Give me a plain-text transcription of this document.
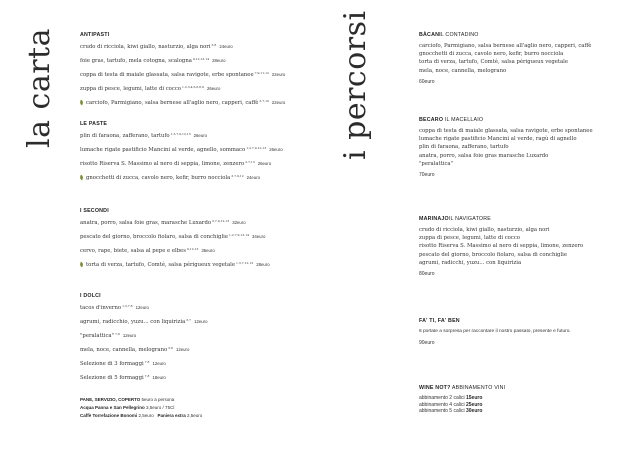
la carta	i percorsi
ANTIPASTI
crudo di ricciola, kiwi giallo, nasturzio, alga nori$^{3,8}$ 24euro
foie gras, tartufo, mela cotogna, scalogna$^{9,12,13,14}$ 28euro
coppa di testa di maiale glassata, salsa ravigote, erbe spontanee$^{7,9,11,12}$ 22euro
zuppa di pesce, legumi, latte di cocco$^{1,2,3,4,5,6,8,9}$ 26euro
carciofo, Parmigiano, salsa bernese all'aglio nero, capperi, caffè$^{3,7,10}$ 22euro
LE PASTE
plin di faraona, zafferano, tartufo$^{1,3,7,9,12,13}$ 26euro
lumache rigate pastificio Mancini al verde, agnello, sommaco$^{1,2,7,9,12,13}$ 26euro
risotto Riserva S. Massimo al nero di seppia, limone, zenzero$^{2,7,13}$ 26euro
gnocchetti di zucca, cavolo nero, kefir, burro nocciola$^{3,7,9,12}$ 24euro
I SECONDI
anatra, porro, salsa foie gras, marasche Luxardo$^{3,7,9,12,13}$ 32euro
pescato del giorno, broccolo fiolaro, salsa di conchiglie$^{1,2,7,9,13,14}$ 34euro
cervo, rape, biete, salsa al pepe e elbes$^{9,12,13}$ 36euro
torta di verza, tartufo, Comté, salsa périgueux vegetale$^{1,3,7,12,13}$ 28euro
I DOLCI
tacos d'inverno$^{1,3,7,8}$ 12euro
agrumi, radicchio, yuzu... con liquirizia$^{3,7}$ 12euro
"peralattica"$^{7,8}$ 12euro
mela, noce, cannella, melograno$^{3,8}$ 12euro
Selezione di 3 formaggi$^{7,8}$ 12euro
Selezione di 5 formaggi$^{7,8}$ 18euro
PANE, SERVIZIO, COPERTO 5euro a persona
Acqua Panna e San Pellegrino 3,5euro / 75Cl
Caffè Torrefazione Bonomi 2,5euro Paniera extra 2,5euro
BÀCANIL CONTADINO
carciofo, Parmigiano, salsa bernese all'aglio nero, capperi, caffè
gnocchetti di zucca, cavolo nero, kefir, burro nocciola
torta di verza, tartufo, Comté, salsa périgueux vegetale
mela, noce, cannella, melograno
60euro
BECARO IL MACELLAIO
coppa di testa di maiale glassata, salsa ravigote, erbe spontanee
lumache rigate pastificio Mancini al verde, ragù di agnello
plin di faraona, zafferano, tartufo
anatra, porro, salsa foie gras marasche Luxardo
"peralattica"
70euro
MARINAJOIL NAVIGATORE
crudo di ricciola, kiwi giallo, nasturzio, alga nori
zuppa di pesce, legumi, latte di cocco
risotto Riserva S. Massimo al nero di seppia, limone, zenzero
pescato del giorno, broccolo fiolaro, salsa di conchiglie
agrumi, radicchi, yuzu... con liquirizia
80euro
FA' TI, FA' BEN
6 portate a sorpresa per raccontare il nostro passato, presente e futuro.
90euro
WINE NOT? ABBINAMENTO VINI
abbinamento 2 calici 15euro
abbinamento 4 calici 25euro
abbinamento 5 calici 30euro
